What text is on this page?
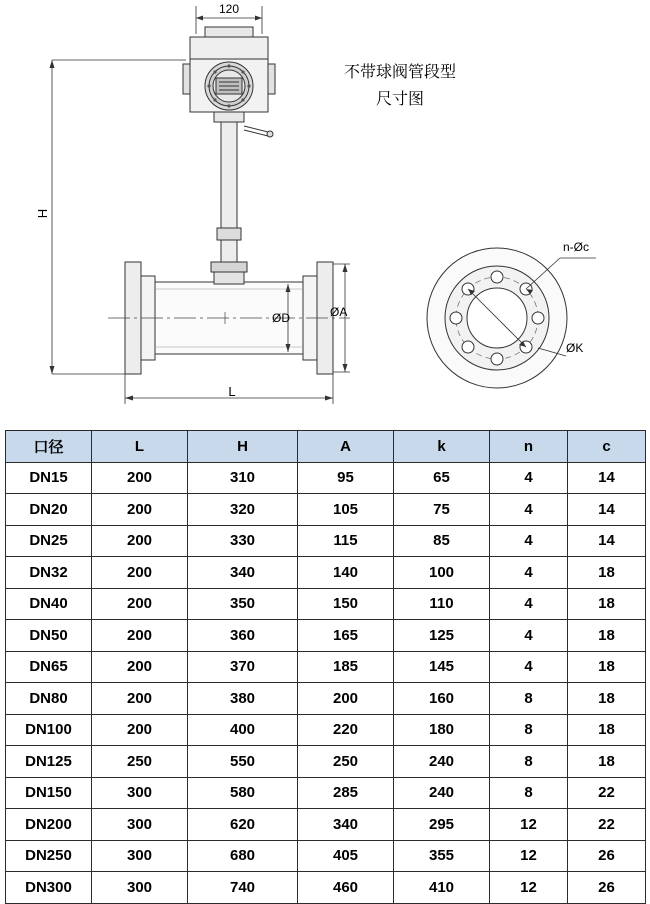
不带球阀管段型
尺寸图
120
H
L
ØD	ØA
n-Øc
ØK
口径	L	H	A	k	n	c
DN15	200	310	95	65	4	14
DN20	200	320	105	75	4	14
DN25	200	330	115	85	4	14
DN32	200	340	140	100	4	18
DN40	200	350	150	110	4	18
DN50	200	360	165	125	4	18
DN65	200	370	185	145	4	18
DN80	200	380	200	160	8	18
DN100	200	400	220	180	8	18
DN125	250	550	250	240	8	18
DN150	300	580	285	240	8	22
DN200	300	620	340	295	12	22
DN250	300	680	405	355	12	26
DN300	300	740	460	410	12	26
